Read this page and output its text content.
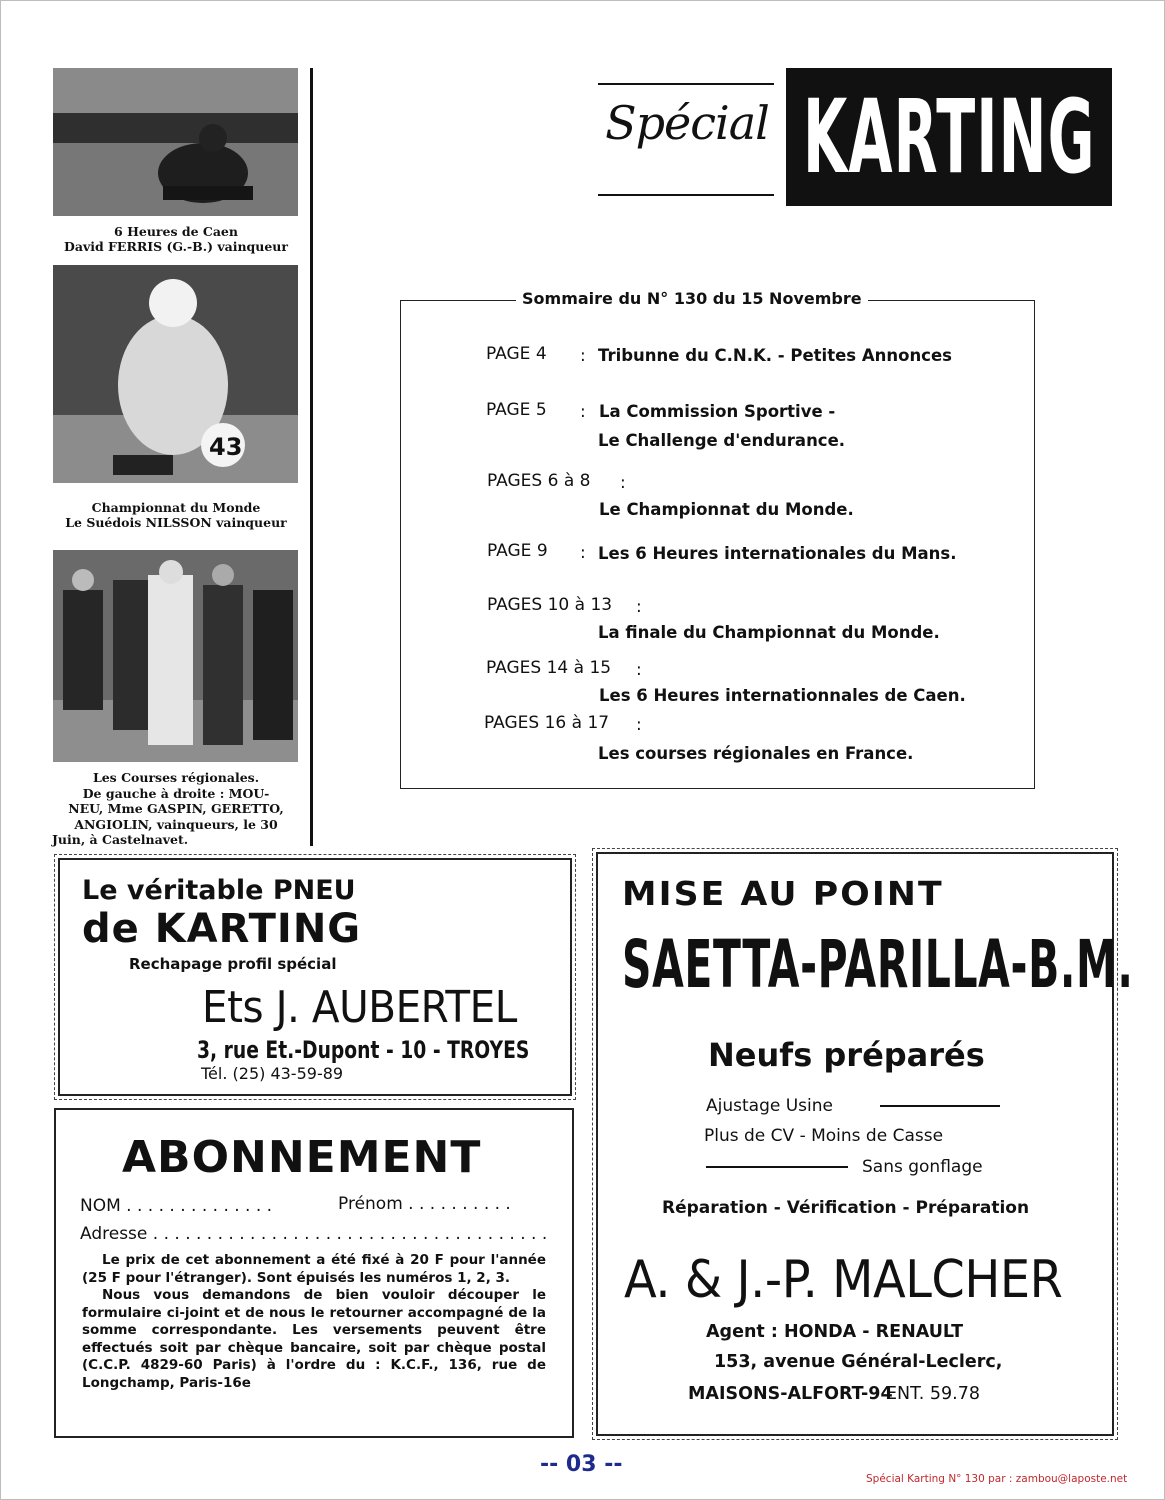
6 Heures de Caen
David FERRIS (G.-B.) vainqueur
43
Championnat du Monde
Le Suédois NILSSON vainqueur
Les Courses régionales.
De gauche à droite : MOU-
NEU, Mme GASPIN, GERETTO,
ANGIOLIN, vainqueurs, le 30
Juin, à Castelnavet.
Spécial KARTING
Sommaire du N° 130 du 15 Novembre
PAGE 4 : Tribunne du C.N.K. - Petites Annonces
PAGE 5 : La Commission Sportive -
Le Challenge d'endurance.
PAGES 6 à 8 :
Le Championnat du Monde.
PAGE 9 : Les 6 Heures internationales du Mans.
PAGES 10 à 13 :
La finale du Championnat du Monde.
PAGES 14 à 15 :
Les 6 Heures internationnales de Caen.
PAGES 16 à 17 :
Les courses régionales en France.
Le véritable PNEU
de KARTING
Rechapage profil spécial
Ets J. AUBERTEL
3, rue Et.-Dupont - 10 - TROYES
Tél. (25) 43-59-89
ABONNEMENT
NOM . . . . . . . . . . . . . .	Prénom . . . . . . . . . .
Adresse . . . . . . . . . . . . . . . . . . . . . . . . . . . . . . . . . . . . .

Le prix de cet abonnement a été fixé à 20 F pour l'année (25 F pour l'étranger). Sont épuisés les numéros 1, 2, 3.

Nous vous demandons de bien vouloir découper le formulaire ci-joint et de nous le retourner accompagné de la somme correspondante. Les versements peuvent être effectués soit par chèque bancaire, soit par chèque postal (C.C.P. 4829-60 Paris) à l'ordre du : K.C.F., 136, rue de Longchamp, Paris-16e

MISE AU POINT
SAETTA-PARILLA-B.M.
Neufs préparés
Ajustage Usine
Plus de CV - Moins de Casse
Sans gonflage
Réparation - Vérification - Préparation
A. & J.-P. MALCHER
Agent : HONDA - RENAULT
153, avenue Général-Leclerc,
MAISONS-ALFORT-94
ENT. 59.78
-- 03 --
Spécial Karting N° 130 par : zambou@laposte.net
